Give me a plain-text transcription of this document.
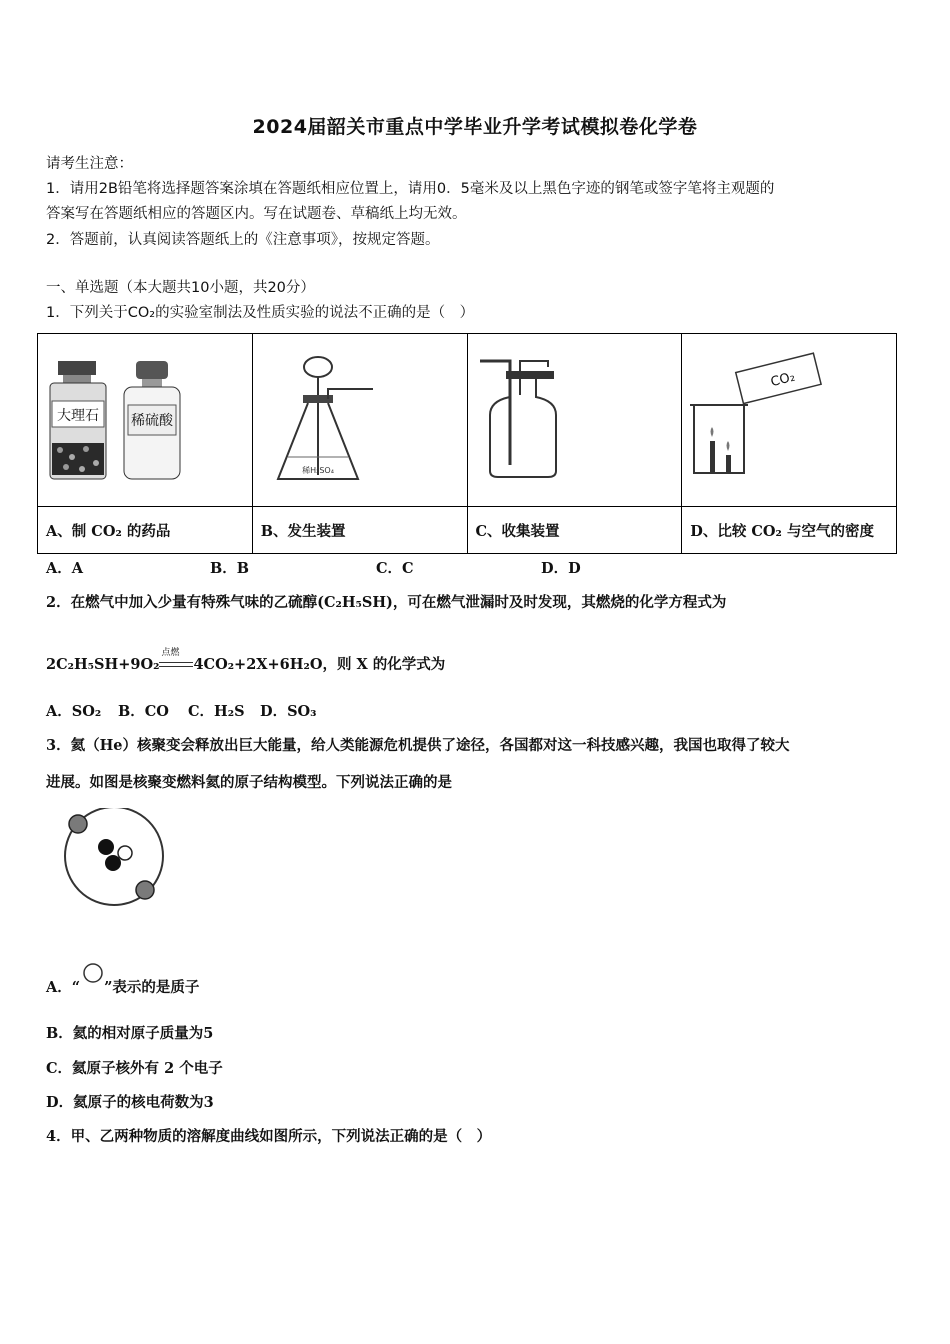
2024届韶关市重点中学毕业升学考试模拟卷化学卷
请考生注意：
1．请用2B铅笔将选择题答案涂填在答题纸相应位置上，请用0．5毫米及以上黑色字迹的钢笔或签字笔将主观题的
答案写在答题纸相应的答题区内。写在试题卷、草稿纸上均无效。
2．答题前，认真阅读答题纸上的《注意事项》，按规定答题。
一、单选题（本大题共10小题，共20分）
1．下列关于CO₂的实验室制法及性质实验的说法不正确的是（　）
大理石 稀硫酸	稀H₂SO₄		CO₂

A、制 CO₂ 的药品	B、发生装置	C、收集装置	D、比较 CO₂ 与空气的密度
A．A	B．B	C．C	D．D
2．在燃气中加入少量有特殊气味的乙硫醇(C₂H₅SH)，可在燃气泄漏时及时发现，其燃烧的化学方程式为
2C₂H₅SH+9O₂
点燃
4CO₂+2X+6H₂O，则 X 的化学式为
A．SO₂ B．CO C．H₂S D．SO₃
3．氦（He）核聚变会释放出巨大能量，给人类能源危机提供了途径，各国都对这一科技感兴趣，我国也取得了较大
进展。如图是核聚变燃料氦的原子结构模型。下列说法正确的是
A．“ ”表示的是质子
B．氦的相对原子质量为5
C．氦原子核外有 2 个电子
D．氦原子的核电荷数为3
4．甲、乙两种物质的溶解度曲线如图所示，下列说法正确的是（　）
